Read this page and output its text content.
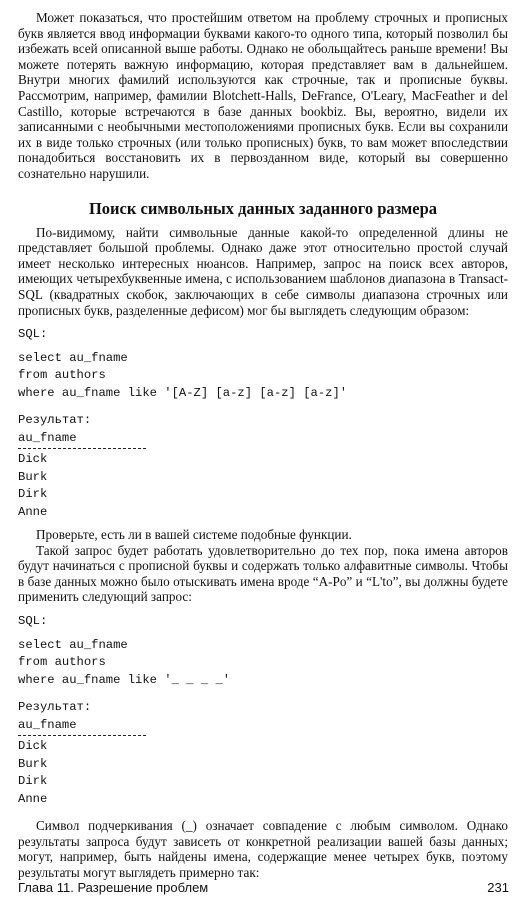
Может показаться, что простейшим ответом на проблему строчных и прописных букв является ввод информации буквами какого-то одного типа, который позволил бы избежать всей описанной выше работы. Однако не обольщайтесь раньше времени! Вы можете потерять важную информацию, которая представляет вам в дальнейшем. Внутри многих фамилий используются как строчные, так и прописные буквы. Рассмотрим, например, фамилии Blotchett-Halls, DeFrance, O'Leary, MacFeather и del Castillo, которые встречаются в базе данных bookbiz. Вы, вероятно, видели их записанными с необычными местоположениями прописных букв. Если вы сохранили их в виде только строчных (или только прописных) букв, то вам может впоследствии понадобиться восстановить их в первозданном виде, который вы совершенно сознательно нарушили.

Поиск символьных данных заданного размера

По-видимому, найти символьные данные какой-то определенной длины не представляет большой проблемы. Однако даже этот относительно простой случай имеет несколько интересных нюансов. Например, запрос на поиск всех авторов, имеющих четырехбуквенные имена, с использованием шаблонов диапазона в Transact-SQL (квадратных скобок, заключающих в себе символы диапазона строчных или прописных букв, разделенные дефисом) мог бы выглядеть следующим образом:

SQL:
select au_fname
from authors
where au_fname like '[A-Z] [a-z] [a-z] [a-z]'
Результат:
au_fname
Dick
Burk
Dirk
Anne

Проверьте, есть ли в вашей системе подобные функции.

Такой запрос будет работать удовлетворительно до тех пор, пока имена авторов будут начинаться с прописной буквы и содержать только алфавитные символы. Чтобы в базе данных можно было отыскивать имена вроде “A-Po” и “L'to”, вы должны будете применить следующий запрос:

SQL:
select au_fname
from authors
where au_fname like '_ _ _ _'
Результат:
au_fname
Dick
Burk
Dirk
Anne

Символ подчеркивания (_) означает совпадение с любым символом. Однако результаты запроса будут зависеть от конкретной реализации вашей базы данных; могут, например, быть найдены имена, содержащие менее четырех букв, поэтому результаты могут выглядеть примерно так:

Глава 11. Разрешение проблем	231
